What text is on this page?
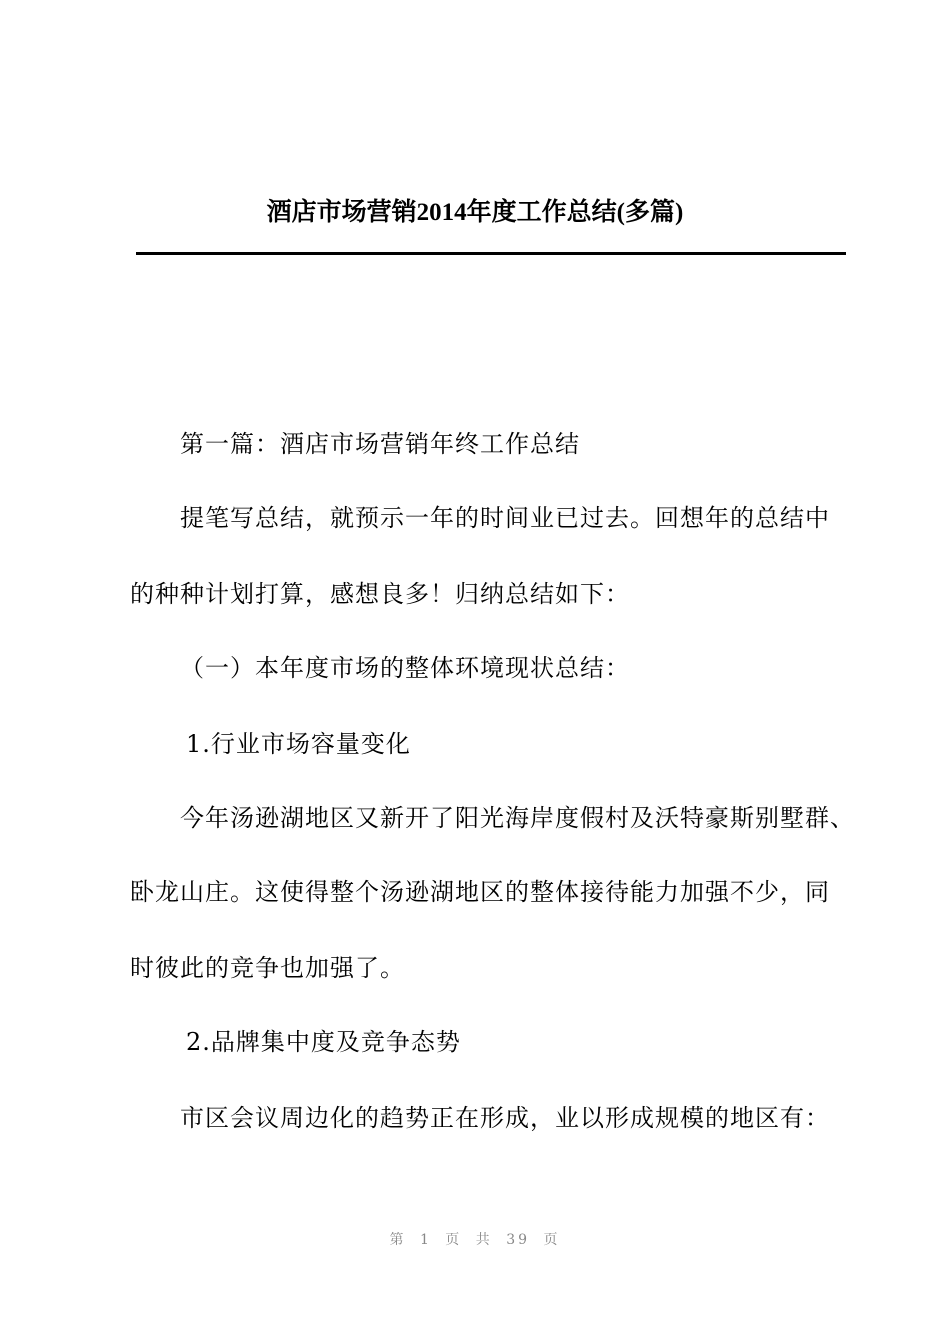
酒店市场营销2014年度工作总结(多篇)

第一篇：酒店市场营销年终工作总结

提笔写总结，就预示一年的时间业已过去。回想年的总结中

的种种计划打算，感想良多！归纳总结如下：

（一）本年度市场的整体环境现状总结：

1.行业市场容量变化

今年汤逊湖地区又新开了阳光海岸度假村及沃特豪斯别墅群、

卧龙山庄。这使得整个汤逊湖地区的整体接待能力加强不少，同

时彼此的竞争也加强了。

2.品牌集中度及竞争态势

市区会议周边化的趋势正在形成，业以形成规模的地区有：

第 1 页 共 39 页
